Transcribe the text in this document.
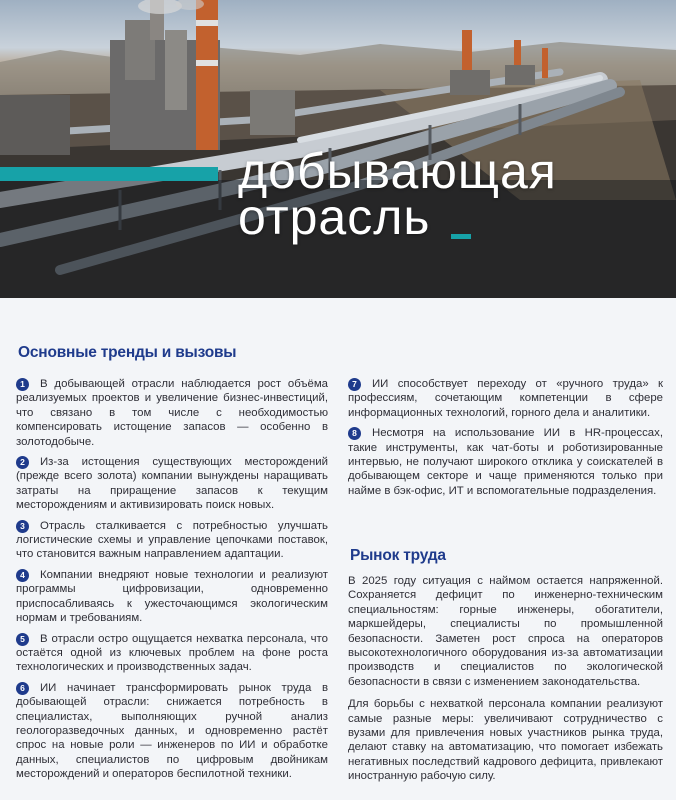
добывающая
отрасль
Основные тренды и вызовы
1	В добывающей отрасли наблюдается рост объёма реализуемых проектов и увеличение бизнес-инвестиций, что связано в том числе с необходимостью компенсировать истощение запасов — особенно в золотодобыче.
2	Из-за истощения существующих месторождений (прежде всего золота) компании вынуждены наращивать затраты на приращение запасов к текущим месторождениям и активизировать поиск новых.
3	Отрасль сталкивается с потребностью улучшать логистические схемы и управление цепочками поставок, что становится важным направлением адаптации.
4	Компании внедряют новые технологии и реализуют программы цифровизации, одновременно приспосабливаясь к ужесточающимся экологическим нормам и требованиям.
5	В отрасли остро ощущается нехватка персонала, что остаётся одной из ключевых проблем на фоне роста технологических и производственных задач.
6	ИИ начинает трансформировать рынок труда в добывающей отрасли: снижается потребность в специалистах, выполняющих ручной анализ геологоразведочных данных, и одновременно растёт спрос на новые роли — инженеров по ИИ и обработке данных, специалистов по цифровым двойникам месторождений и операторов беспилотной техники.
7	ИИ способствует переходу от «ручного труда» к профессиям, сочетающим компетенции в сфере информационных технологий, горного дела и аналитики.
8	Несмотря на использование ИИ в HR-процессах, такие инструменты, как чат-боты и роботизированные интервью, не получают широкого отклика у соискателей в добывающем секторе и чаще применяются только при найме в бэк-офис, ИТ и вспомогательные подразделения.
Рынок труда

В 2025 году ситуация с наймом остается напряженной. Сохраняется дефицит по инженерно-техническим специальностям: горные инженеры, обогатители, маркшейдеры, специалисты по промышленной безопасности. Заметен рост спроса на операторов высокотехнологичного оборудования из-за автоматизации производств и специалистов по экологической безопасности в связи с изменением законодательства.

Для борьбы с нехваткой персонала компании реализуют самые разные меры: увеличивают сотрудничество с вузами для привлечения новых участников рынка труда, делают ставку на автоматизацию, что помогает избежать негативных последствий кадрового дефицита, привлекают иностранную рабочую силу.
